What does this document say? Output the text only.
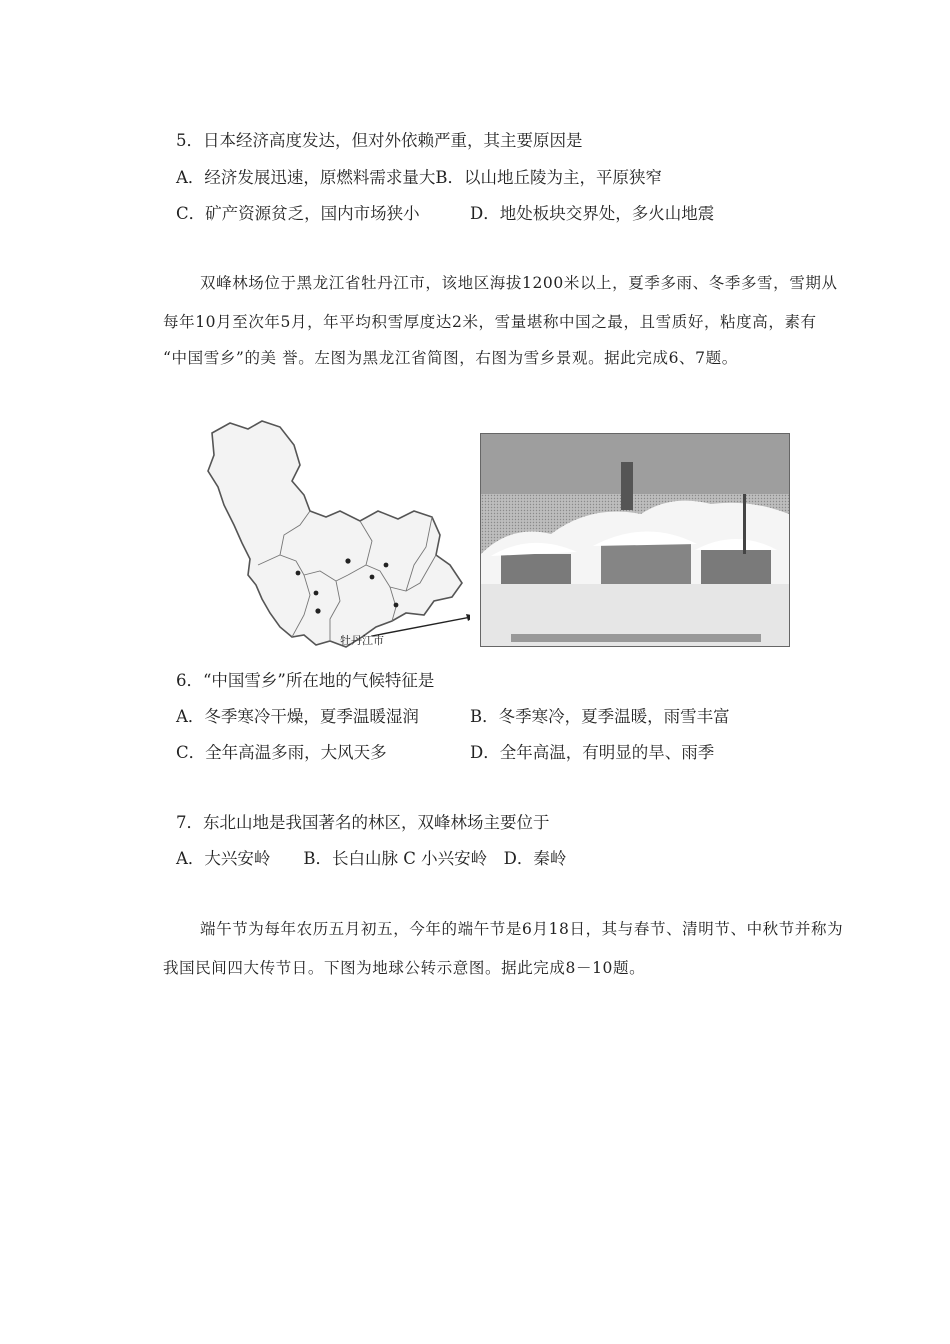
5．日本经济高度发达，但对外依赖严重，其主要原因是
A．经济发展迅速，原燃料需求量大B．以山地丘陵为主，平原狭窄
C．矿产资源贫乏，国内市场狭小	D．地处板块交界处，多火山地震
双峰林场位于黑龙江省牡丹江市，该地区海拔1200米以上，夏季多雨、冬季多雪，雪期从
每年10月至次年5月，年平均积雪厚度达2米，雪量堪称中国之最，且雪质好，粘度高，素有
“中国雪乡”的美 誉。左图为黑龙江省简图，右图为雪乡景观。据此完成6、7题。
牡丹江市
6．“中国雪乡”所在地的气候特征是
A．冬季寒冷干燥，夏季温暖湿润	B．冬季寒冷，夏季温暖，雨雪丰富
C．全年高温多雨，大风天多	D．全年高温，有明显的旱、雨季
7．东北山地是我国著名的林区，双峰林场主要位于
A．大兴安岭　　B．长白山脉 C 小兴安岭　D．秦岭
端午节为每年农历五月初五，今年的端午节是6月18日，其与春节、清明节、中秋节并称为
我国民间四大传节日。下图为地球公转示意图。据此完成8－10题。
